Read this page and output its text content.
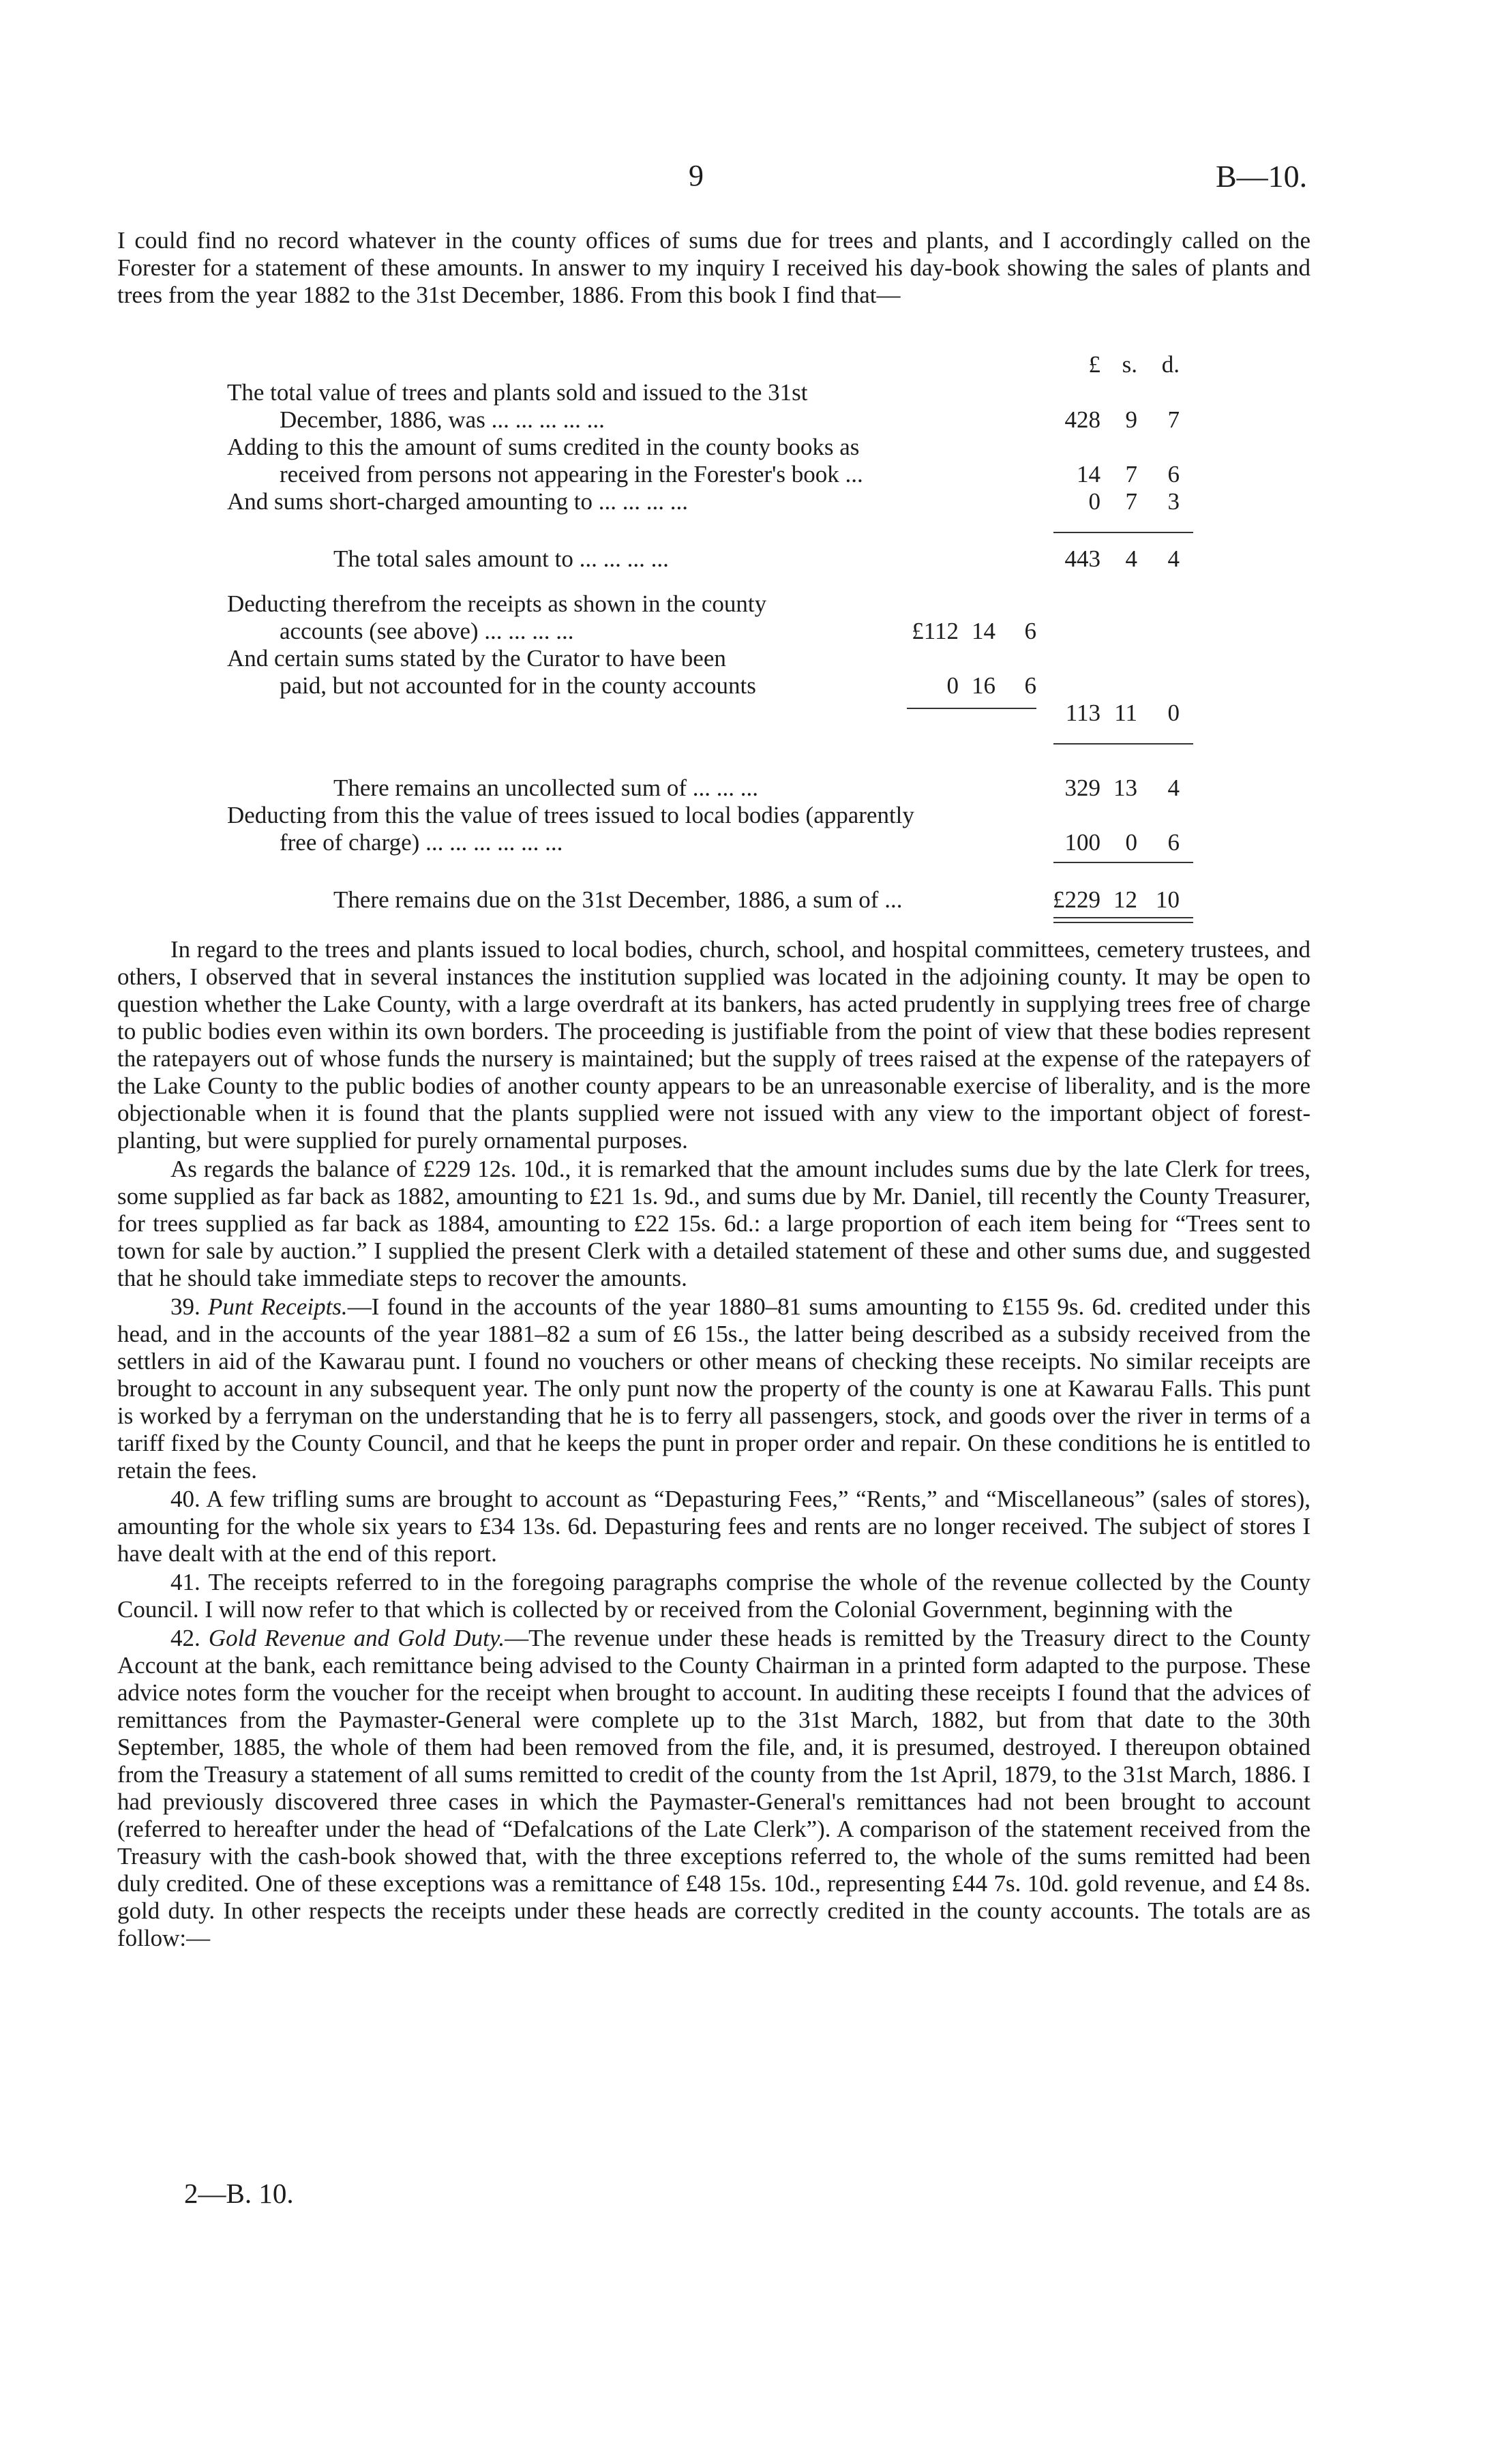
9	B—10.

I could find no record whatever in the county offices of sums due for trees and plants, and I accordingly called on the Forester for a statement of these amounts. In answer to my inquiry I received his day-book showing the sales of plants and trees from the year 1882 to the 31st December, 1886. From this book I find that—

£ s.	d.
The total value of trees and plants sold and issued to the 31st
December, 1886, was ... ... ... ... ...	428	9	7
Adding to this the amount of sums credited in the county books as
received from persons not appearing in the Forester's book ...	14	7	6
And sums short-charged amounting to ... ... ... ...	0	7	3
The total sales amount to ... ... ... ...	443	4	4
Deducting therefrom the receipts as shown in the county
accounts (see above) ... ... ... ...	£112 14	6
And certain sums stated by the Curator to have been
paid, but not accounted for in the county accounts	0 16	6
113 11	0
There remains an uncollected sum of ... ... ...	329 13	4
Deducting from this the value of trees issued to local bodies (apparently
free of charge) ... ... ... ... ... ...	100	0	6
There remains due on the 31st December, 1886, a sum of ...	£229 12 10

In regard to the trees and plants issued to local bodies, church, school, and hospital committees, cemetery trustees, and others, I observed that in several instances the institution supplied was located in the adjoining county. It may be open to question whether the Lake County, with a large overdraft at its bankers, has acted prudently in supplying trees free of charge to public bodies even within its own borders. The proceeding is justifiable from the point of view that these bodies represent the ratepayers out of whose funds the nursery is maintained; but the supply of trees raised at the expense of the ratepayers of the Lake County to the public bodies of another county appears to be an unreasonable exercise of liberality, and is the more objectionable when it is found that the plants supplied were not issued with any view to the important object of forest-planting, but were supplied for purely ornamental purposes.

As regards the balance of £229 12s. 10d., it is remarked that the amount includes sums due by the late Clerk for trees, some supplied as far back as 1882, amounting to £21 1s. 9d., and sums due by Mr. Daniel, till recently the County Treasurer, for trees supplied as far back as 1884, amounting to £22 15s. 6d.: a large proportion of each item being for “Trees sent to town for sale by auction.” I supplied the present Clerk with a detailed statement of these and other sums due, and suggested that he should take immediate steps to recover the amounts.

39. Punt Receipts.—I found in the accounts of the year 1880–81 sums amounting to £155 9s. 6d. credited under this head, and in the accounts of the year 1881–82 a sum of £6 15s., the latter being described as a subsidy received from the settlers in aid of the Kawarau punt. I found no vouchers or other means of checking these receipts. No similar receipts are brought to account in any subsequent year. The only punt now the property of the county is one at Kawarau Falls. This punt is worked by a ferryman on the understanding that he is to ferry all passengers, stock, and goods over the river in terms of a tariff fixed by the County Council, and that he keeps the punt in proper order and repair. On these conditions he is entitled to retain the fees.

40. A few trifling sums are brought to account as “Depasturing Fees,” “Rents,” and “Miscellaneous” (sales of stores), amounting for the whole six years to £34 13s. 6d. Depasturing fees and rents are no longer received. The subject of stores I have dealt with at the end of this report.

41. The receipts referred to in the foregoing paragraphs comprise the whole of the revenue collected by the County Council. I will now refer to that which is collected by or received from the Colonial Government, beginning with the

42. Gold Revenue and Gold Duty.—The revenue under these heads is remitted by the Treasury direct to the County Account at the bank, each remittance being advised to the County Chairman in a printed form adapted to the purpose. These advice notes form the voucher for the receipt when brought to account. In auditing these receipts I found that the advices of remittances from the Paymaster-General were complete up to the 31st March, 1882, but from that date to the 30th September, 1885, the whole of them had been removed from the file, and, it is presumed, destroyed. I thereupon obtained from the Treasury a statement of all sums remitted to credit of the county from the 1st April, 1879, to the 31st March, 1886. I had previously discovered three cases in which the Paymaster-General's remittances had not been brought to account (referred to hereafter under the head of “Defalcations of the Late Clerk”). A comparison of the statement received from the Treasury with the cash-book showed that, with the three exceptions referred to, the whole of the sums remitted had been duly credited. One of these exceptions was a remittance of £48 15s. 10d., representing £44 7s. 10d. gold revenue, and £4 8s. gold duty. In other respects the receipts under these heads are correctly credited in the county accounts. The totals are as follow:—

2—B. 10.
